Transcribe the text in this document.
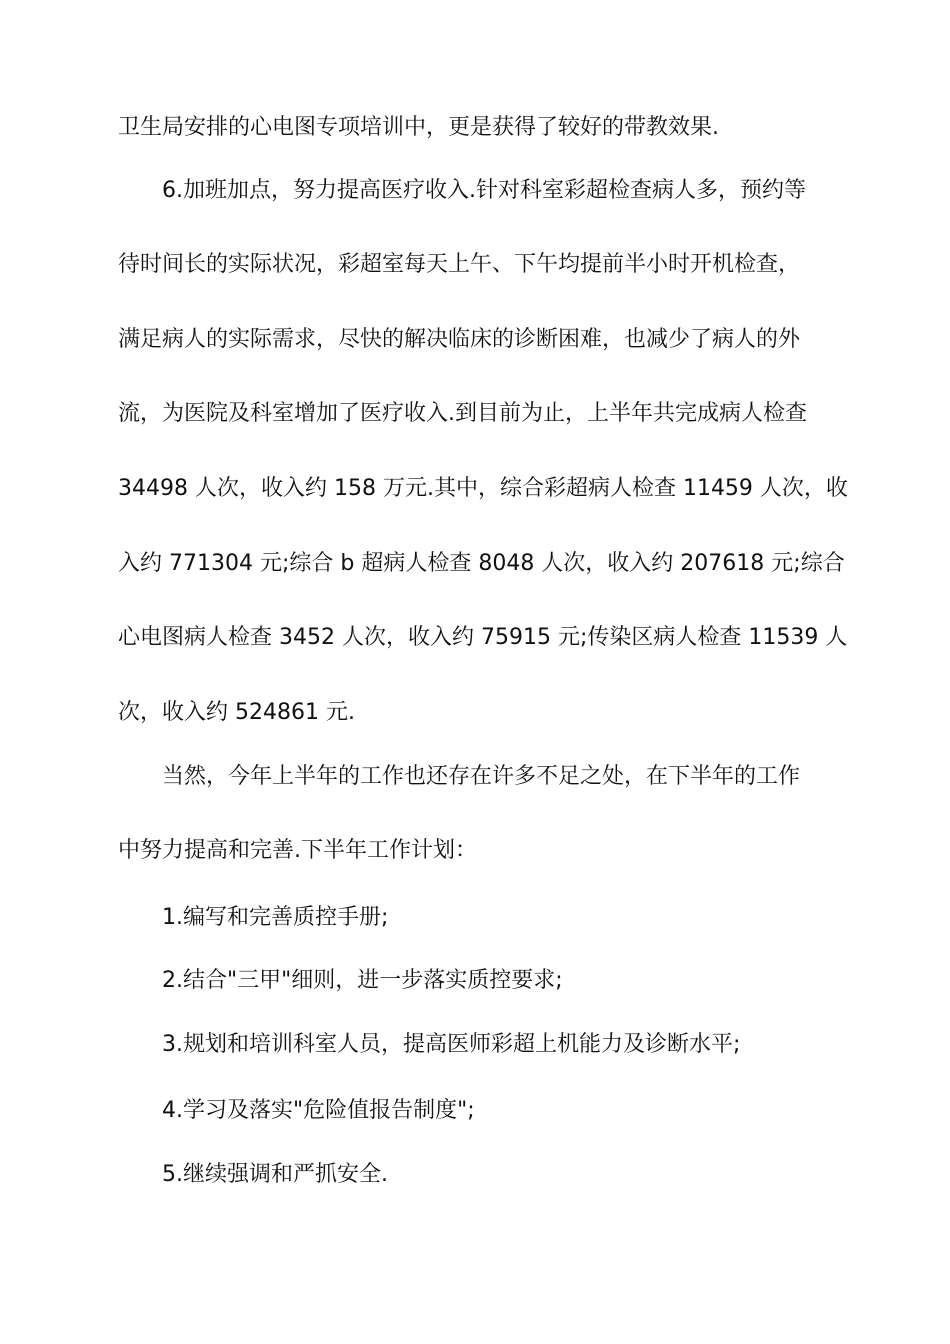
卫生局安排的心电图专项培训中，更是获得了较好的带教效果.
6.加班加点，努力提高医疗收入.针对科室彩超检查病人多，预约等
待时间长的实际状况，彩超室每天上午、下午均提前半小时开机检查，
满足病人的实际需求，尽快的解决临床的诊断困难，也减少了病人的外
流，为医院及科室增加了医疗收入.到目前为止，上半年共完成病人检查
34498 人次，收入约 158 万元.其中，综合彩超病人检查 11459 人次，收
入约 771304 元;综合 b 超病人检查 8048 人次，收入约 207618 元;综合
心电图病人检查 3452 人次，收入约 75915 元;传染区病人检查 11539 人
次，收入约 524861 元.
当然，今年上半年的工作也还存在许多不足之处，在下半年的工作
中努力提高和完善.下半年工作计划：
1.编写和完善质控手册;
2.结合"三甲"细则，进一步落实质控要求;
3.规划和培训科室人员，提高医师彩超上机能力及诊断水平;
4.学习及落实"危险值报告制度";
5.继续强调和严抓安全.
